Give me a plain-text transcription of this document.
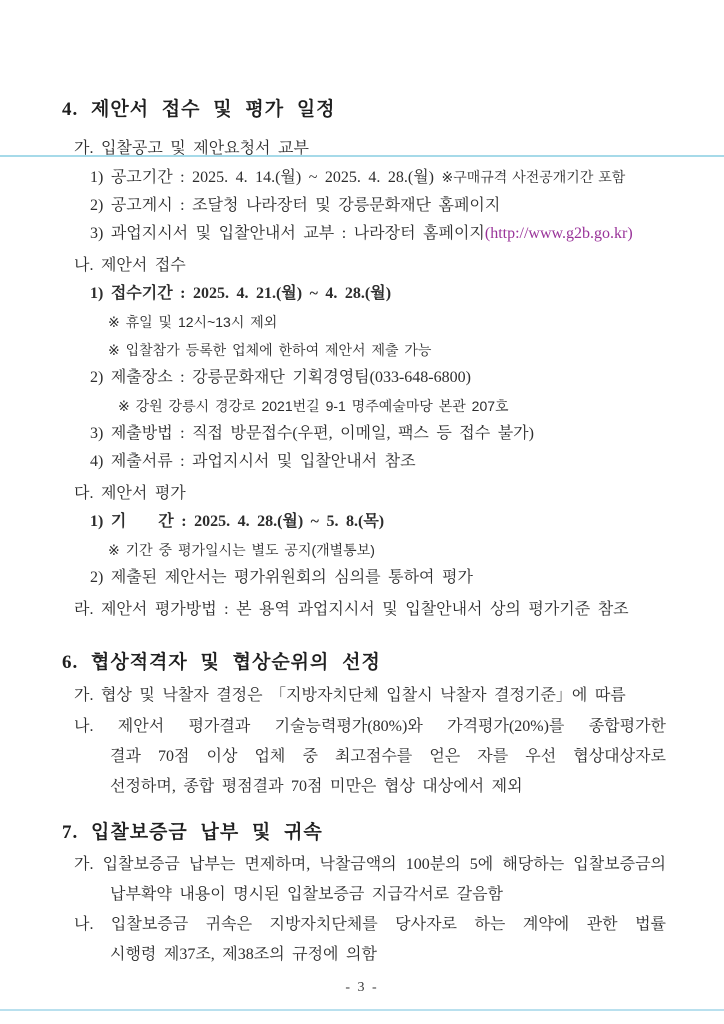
4. 제안서 접수 및 평가 일정
가. 입찰공고 및 제안요청서 교부
1) 공고기간 : 2025. 4. 14.(월) ~ 2025. 4. 28.(월) ※구매규격 사전공개기간 포함
2) 공고게시 : 조달청 나라장터 및 강릉문화재단 홈페이지
3) 과업지시서 및 입찰안내서 교부 : 나라장터 홈페이지(http://www.g2b.go.kr)
나. 제안서 접수
1) 접수기간 : 2025. 4. 21.(월) ~ 4. 28.(월)
※ 휴일 및 12시~13시 제외
※ 입찰참가 등록한 업체에 한하여 제안서 제출 가능
2) 제출장소 : 강릉문화재단 기획경영팀(033-648-6800)
※ 강원 강릉시 경강로 2021번길 9-1 명주예술마당 본관 207호
3) 제출방법 : 직접 방문접수(우편, 이메일, 팩스 등 접수 불가)
4) 제출서류 : 과업지시서 및 입찰안내서 참조
다. 제안서 평가
1) 기　　간 : 2025. 4. 28.(월) ~ 5. 8.(목)
※ 기간 중 평가일시는 별도 공지(개별통보)
2) 제출된 제안서는 평가위원회의 심의를 통하여 평가
라. 제안서 평가방법 : 본 용역 과업지시서 및 입찰안내서 상의 평가기준 참조
6. 협상적격자 및 협상순위의 선정
가. 협상 및 낙찰자 결정은 「지방자치단체 입찰시 낙찰자 결정기준」에 따름
나. 제안서 평가결과 기술능력평가(80%)와 가격평가(20%)를 종합평가한
결과 70점 이상 업체 중 최고점수를 얻은 자를 우선 협상대상자로
선정하며, 종합 평점결과 70점 미만은 협상 대상에서 제외
7. 입찰보증금 납부 및 귀속
가. 입찰보증금 납부는 면제하며, 낙찰금액의 100분의 5에 해당하는 입찰보증금의
납부확약 내용이 명시된 입찰보증금 지급각서로 갈음함
나. 입찰보증금 귀속은 지방자치단체를 당사자로 하는 계약에 관한 법률
시행령 제37조, 제38조의 규정에 의함
- 3 -
